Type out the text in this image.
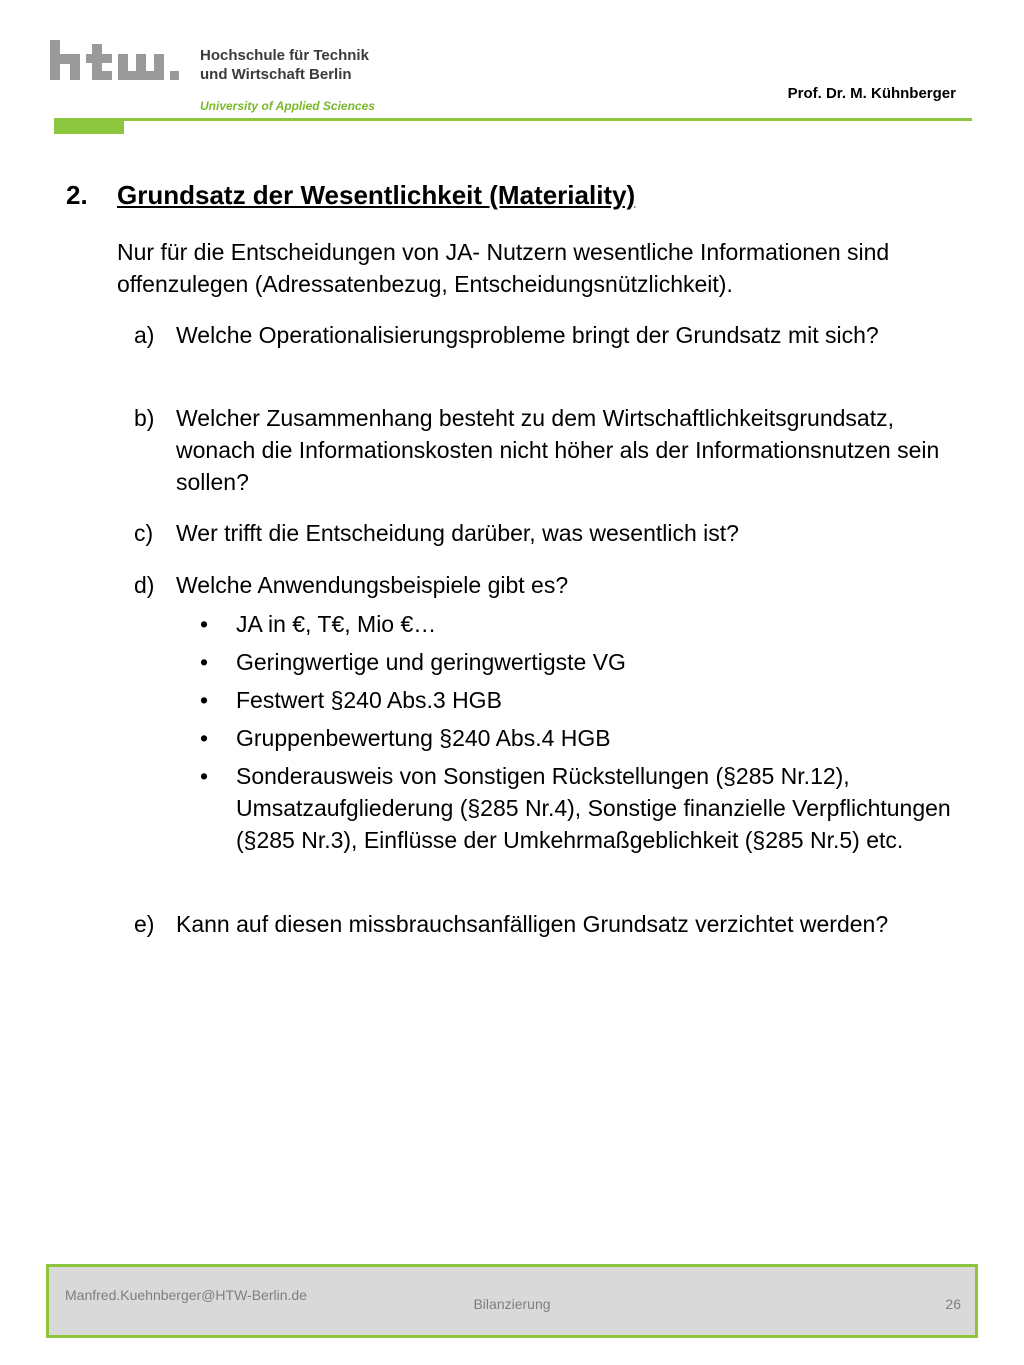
Hochschule für Technik
und Wirtschaft Berlin
University of Applied Sciences
Prof. Dr. M. Kühnberger
2. Grundsatz der Wesentlichkeit (Materiality)
Nur für die Entscheidungen von JA- Nutzern wesentliche Informationen sind offenzulegen (Adressatenbezug, Entscheidungsnützlichkeit).
a) Welche Operationalisierungsprobleme bringt der Grundsatz mit sich?
b) Welcher Zusammenhang besteht zu dem Wirtschaftlichkeitsgrundsatz, wonach die Informationskosten nicht höher als der Informationsnutzen sein sollen?
c) Wer trifft die Entscheidung darüber, was wesentlich ist?
d) Welche Anwendungsbeispiele gibt es?
• JA in €, T€, Mio €…
• Geringwertige und geringwertigste VG
• Festwert §240 Abs.3 HGB
• Gruppenbewertung §240 Abs.4 HGB
• Sonderausweis von Sonstigen Rückstellungen (§285 Nr.12), Umsatzaufgliederung (§285 Nr.4), Sonstige finanzielle Verpflichtungen (§285 Nr.3), Einflüsse der Umkehrmaßgeblichkeit (§285 Nr.5) etc.
e) Kann auf diesen missbrauchsanfälligen Grundsatz verzichtet werden?
Manfred.Kuehnberger@HTW-Berlin.de
Bilanzierung	26
